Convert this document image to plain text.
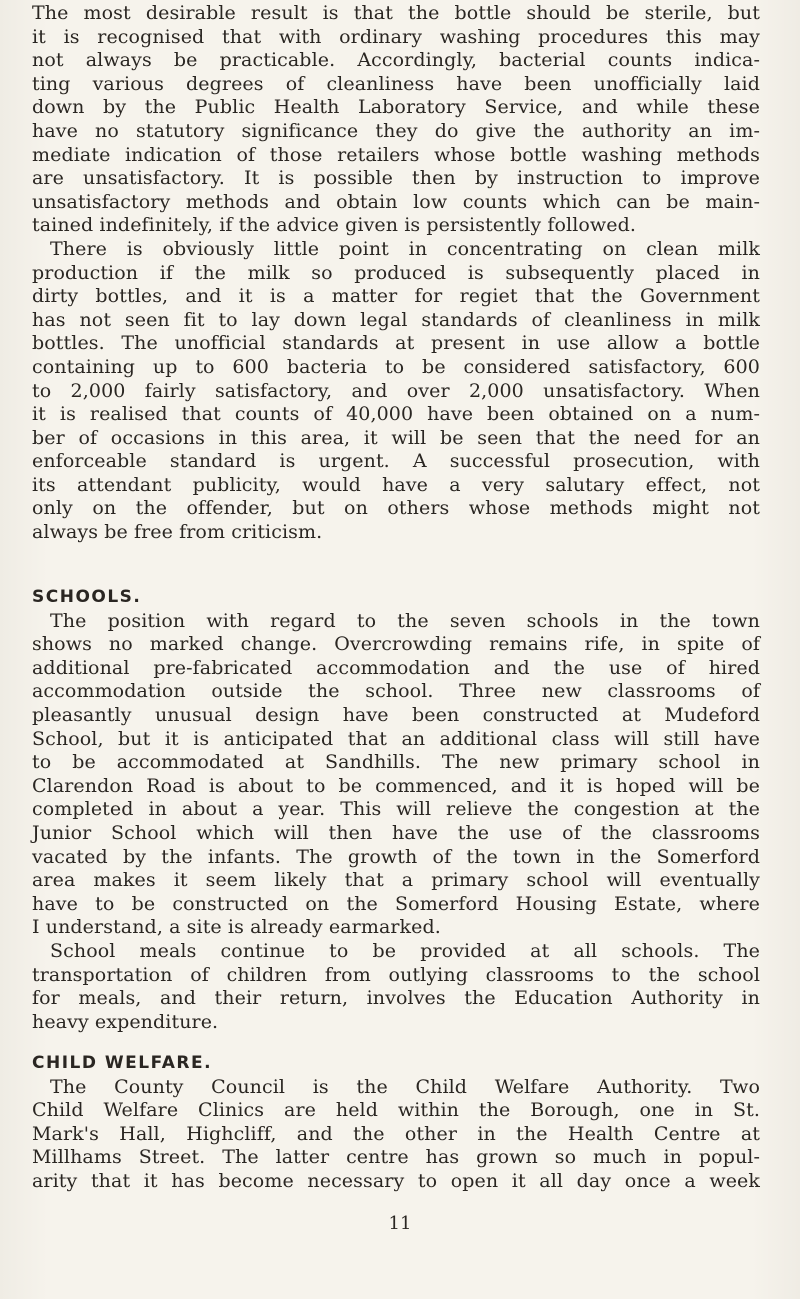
The most desirable result is that the bottle should be sterile, but
it is recognised that with ordinary washing procedures this may
not always be practicable. Accordingly, bacterial counts indica-
ting various degrees of cleanliness have been unofficially laid
down by the Public Health Laboratory Service, and while these
have no statutory significance they do give the authority an im-
mediate indication of those retailers whose bottle washing methods
are unsatisfactory. It is possible then by instruction to improve
unsatisfactory methods and obtain low counts which can be main-
tained indefinitely, if the advice given is persistently followed.
There is obviously little point in concentrating on clean milk
production if the milk so produced is subsequently placed in
dirty bottles, and it is a matter for regiet that the Government
has not seen fit to lay down legal standards of cleanliness in milk
bottles. The unofficial standards at present in use allow a bottle
containing up to 600 bacteria to be considered satisfactory, 600
to 2,000 fairly satisfactory, and over 2,000 unsatisfactory. When
it is realised that counts of 40,000 have been obtained on a num-
ber of occasions in this area, it will be seen that the need for an
enforceable standard is urgent. A successful prosecution, with
its attendant publicity, would have a very salutary effect, not
only on the offender, but on others whose methods might not
always be free from criticism.
SCHOOLS.
The position with regard to the seven schools in the town
shows no marked change. Overcrowding remains rife, in spite of
additional pre-fabricated accommodation and the use of hired
accommodation outside the school. Three new classrooms of
pleasantly unusual design have been constructed at Mudeford
School, but it is anticipated that an additional class will still have
to be accommodated at Sandhills. The new primary school in
Clarendon Road is about to be commenced, and it is hoped will be
completed in about a year. This will relieve the congestion at the
Junior School which will then have the use of the classrooms
vacated by the infants. The growth of the town in the Somerford
area makes it seem likely that a primary school will eventually
have to be constructed on the Somerford Housing Estate, where
I understand, a site is already earmarked.
School meals continue to be provided at all schools. The
transportation of children from outlying classrooms to the school
for meals, and their return, involves the Education Authority in
heavy expenditure.
CHILD WELFARE.
The County Council is the Child Welfare Authority. Two
Child Welfare Clinics are held within the Borough, one in St.
Mark's Hall, Highcliff, and the other in the Health Centre at
Millhams Street. The latter centre has grown so much in popul-
arity that it has become necessary to open it all day once a week
11
